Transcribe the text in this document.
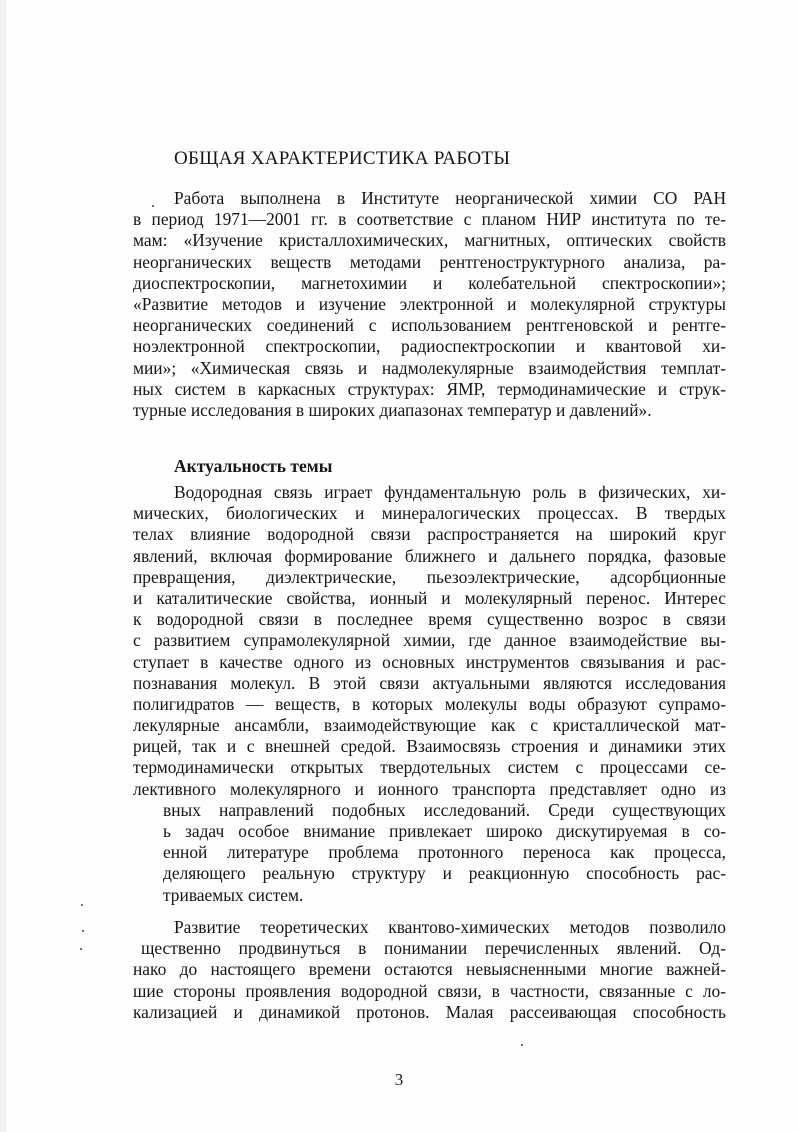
ОБЩАЯ ХАРАКТЕРИСТИКА РАБОТЫ
Работа выполнена в Институте неорганической химии СО РАН
в период 1971—2001 гг. в соответствие с планом НИР института по те-
мам: «Изучение кристаллохимических, магнитных, оптических свойств
неорганических веществ методами рентгеноструктурного анализа, ра-
диоспектроскопии, магнетохимии и колебательной спектроскопии»;
«Развитие методов и изучение электронной и молекулярной структуры
неорганических соединений с использованием рентгеновской и рентге-
ноэлектронной спектроскопии, радиоспектроскопии и квантовой хи-
мии»; «Химическая связь и надмолекулярные взаимодействия темплат-
ных систем в каркасных структурах: ЯМР, термодинамические и струк-
турные исследования в широких диапазонах температур и давлений».
Актуальность темы
Водородная связь играет фундаментальную роль в физических, хи-
мических, биологических и минералогических процессах. В твердых
телах влияние водородной связи распространяется на широкий круг
явлений, включая формирование ближнего и дальнего порядка, фазовые
превращения, диэлектрические, пьезоэлектрические, адсорбционные
и каталитические свойства, ионный и молекулярный перенос. Интерес
к водородной связи в последнее время существенно возрос в связи
с развитием супрамолекулярной химии, где данное взаимодействие вы-
ступает в качестве одного из основных инструментов связывания и рас-
познавания молекул. В этой связи актуальными являются исследования
полигидратов — веществ, в которых молекулы воды образуют супрамо-
лекулярные ансамбли, взаимодействующие как с кристаллической мат-
рицей, так и с внешней средой. Взаимосвязь строения и динамики этих
термодинамически открытых твердотельных систем с процессами се-
лективного молекулярного и ионного транспорта представляет одно из
вных направлений подобных исследований. Среди существующих
ь задач особое внимание привлекает широко дискутируемая в со-
енной литературе проблема протонного переноса как процесса,
деляющего реальную структуру и реакционную способность рас-
триваемых систем.
Развитие теоретических квантово-химических методов позволило
щественно продвинуться в понимании перечисленных явлений. Од-
нако до настоящего времени остаются невыясненными многие важней-
шие стороны проявления водородной связи, в частности, связанные с ло-
кализацией и динамикой протонов. Малая рассеивающая способность
3
